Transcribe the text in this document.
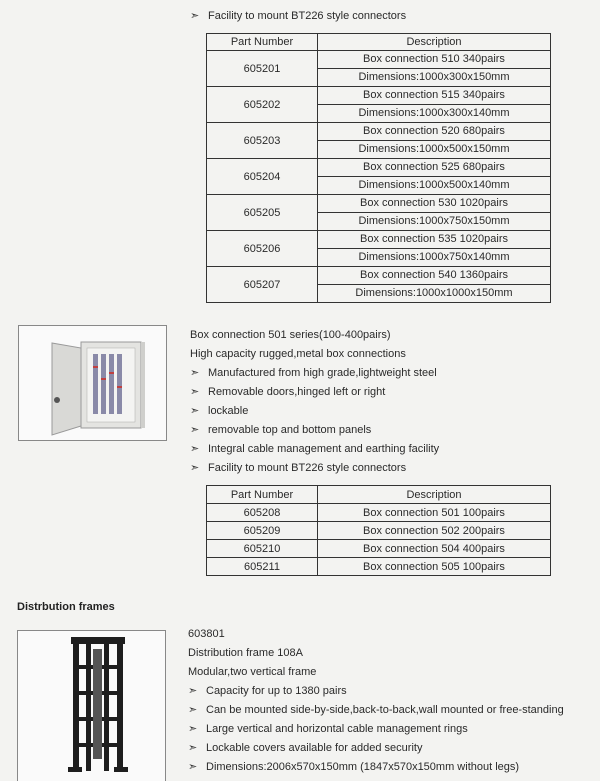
➣ Facility to mount BT226 style connectors
Part Number	Description
605201	Box connection 510 340pairs
Dimensions:1000x300x150mm

605202	Box connection 515 340pairs
Dimensions:1000x300x140mm

605203	Box connection 520 680pairs
Dimensions:1000x500x150mm

605204	Box connection 525 680pairs
Dimensions:1000x500x140mm

605205	Box connection 530 1020pairs
Dimensions:1000x750x150mm

605206	Box connection 535 1020pairs
Dimensions:1000x750x140mm

605207	Box connection 540 1360pairs
Dimensions:1000x1000x150mm
Box connection 501 series(100-400pairs)
High capacity rugged,metal box connections
➣ Manufactured from high grade,lightweight steel
➣ Removable doors,hinged left or right
➣ lockable
➣ removable top and bottom panels
➣ Integral cable management and earthing facility
➣ Facility to mount BT226 style connectors
Part Number	Description
605208	Box connection 501 100pairs
605209	Box connection 502 200pairs
605210	Box connection 504 400pairs
605211	Box connection 505 100pairs
Distrbution frames
603801
Distribution frame 108A
Modular,two vertical frame
➣ Capacity for up to 1380 pairs
➣ Can be mounted side-by-side,back-to-back,wall mounted or free-standing
➣ Large vertical and horizontal cable management rings
➣ Lockable covers available for added security
➣ Dimensions:2006x570x150mm (1847x570x150mm without legs)
